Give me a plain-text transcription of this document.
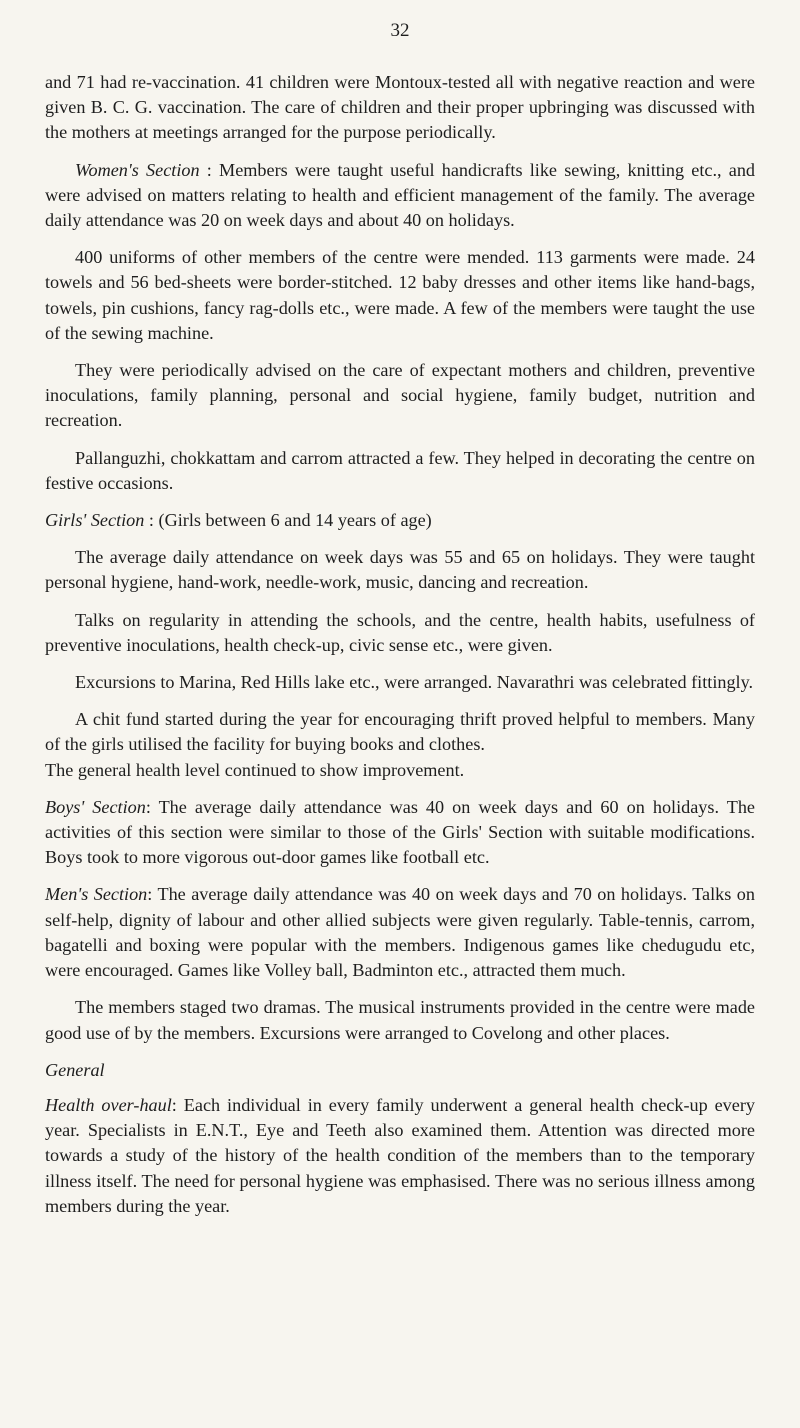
32

and 71 had re-vaccination. 41 children were Montoux-tested all with negative reaction and were given B. C. G. vaccination. The care of children and their proper upbringing was discussed with the mothers at meetings arranged for the purpose periodically.

Women's Section : Members were taught useful handicrafts like sewing, knitting etc., and were advised on matters relating to health and efficient management of the family. The average daily attendance was 20 on week days and about 40 on holidays.

400 uniforms of other members of the centre were mended. 113 garments were made. 24 towels and 56 bed-sheets were border-stitched. 12 baby dresses and other items like hand-bags, towels, pin cushions, fancy rag-dolls etc., were made. A few of the members were taught the use of the sewing machine.

They were periodically advised on the care of expectant mothers and children, preventive inoculations, family planning, personal and social hygiene, family budget, nutrition and recreation.

Pallanguzhi, chokkattam and carrom attracted a few. They helped in decorating the centre on festive occasions.

Girls' Section : (Girls between 6 and 14 years of age)

The average daily attendance on week days was 55 and 65 on holidays. They were taught personal hygiene, hand-work, needle-work, music, dancing and recreation.

Talks on regularity in attending the schools, and the centre, health habits, usefulness of preventive inoculations, health check-up, civic sense etc., were given.

Excursions to Marina, Red Hills lake etc., were arranged. Navarathri was celebrated fittingly.

A chit fund started during the year for encouraging thrift proved helpful to members. Many of the girls utilised the facility for buying books and clothes.

The general health level continued to show improvement.

Boys' Section: The average daily attendance was 40 on week days and 60 on holidays. The activities of this section were similar to those of the Girls' Section with suitable modifications. Boys took to more vigorous out-door games like football etc.

Men's Section: The average daily attendance was 40 on week days and 70 on holidays. Talks on self-help, dignity of labour and other allied subjects were given regularly. Table-tennis, carrom, bagatelli and boxing were popular with the members. Indigenous games like chedugudu etc, were encouraged. Games like Volley ball, Badminton etc., attracted them much.

The members staged two dramas. The musical instruments provided in the centre were made good use of by the members. Excursions were arranged to Covelong and other places.

General

Health over-haul: Each individual in every family underwent a general health check-up every year. Specialists in E.N.T., Eye and Teeth also examined them. Attention was directed more towards a study of the history of the health condition of the members than to the temporary illness itself. The need for personal hygiene was emphasised. There was no serious illness among members during the year.
